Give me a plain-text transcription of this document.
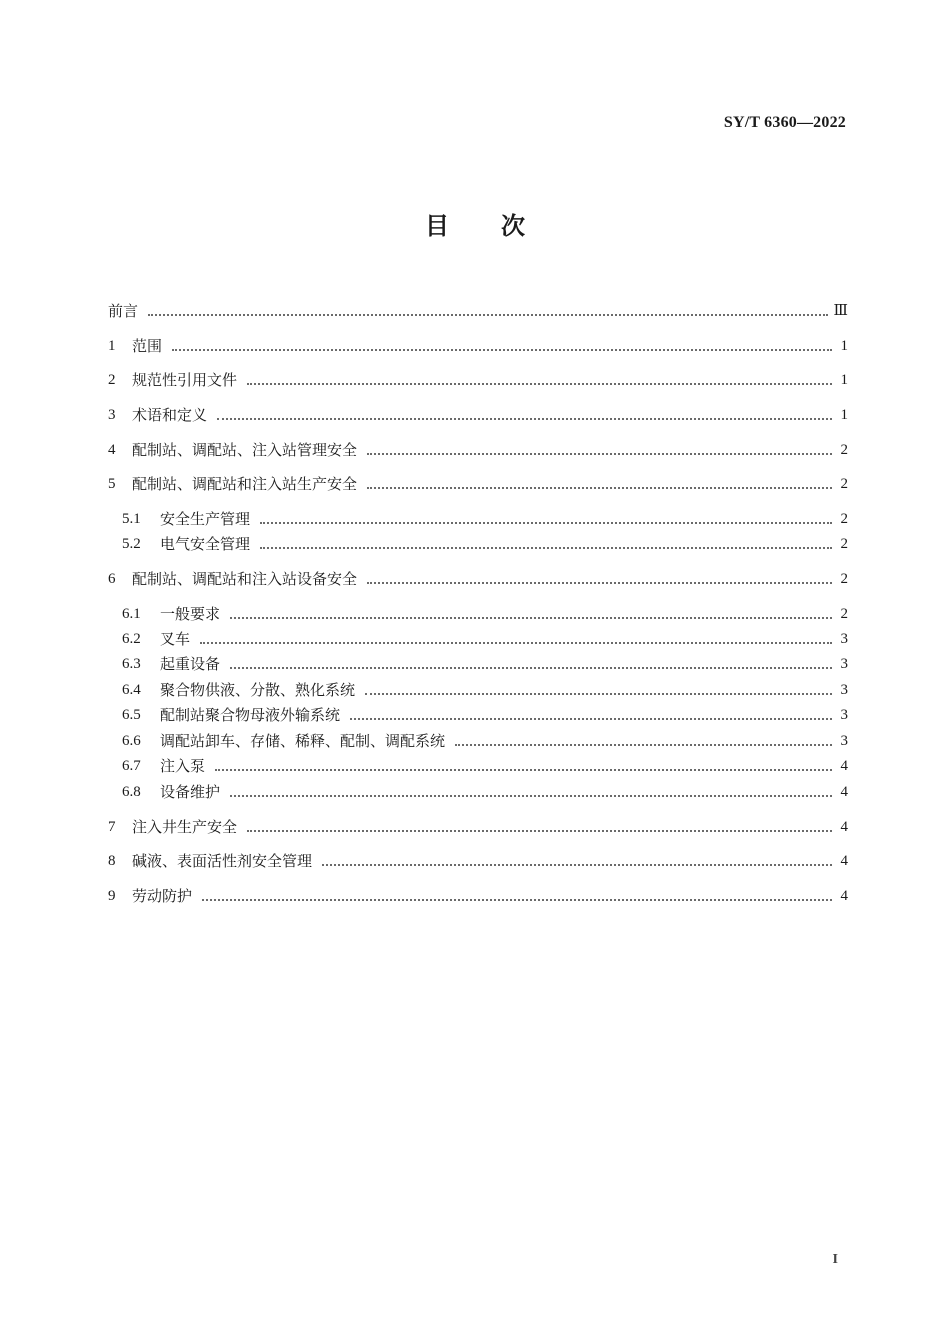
SY/T 6360—2022
目 次
前言	Ⅲ
1	范围	1
2	规范性引用文件	1
3	术语和定义	1
4	配制站、调配站、注入站管理安全	2
5	配制站、调配站和注入站生产安全	2
5.1	安全生产管理	2
5.2	电气安全管理	2
6	配制站、调配站和注入站设备安全	2
6.1	一般要求	2
6.2	叉车	3
6.3	起重设备	3
6.4	聚合物供液、分散、熟化系统	3
6.5	配制站聚合物母液外输系统	3
6.6	调配站卸车、存储、稀释、配制、调配系统	3
6.7	注入泵	4
6.8	设备维护	4
7	注入井生产安全	4
8	碱液、表面活性剂安全管理	4
9	劳动防护	4
I
